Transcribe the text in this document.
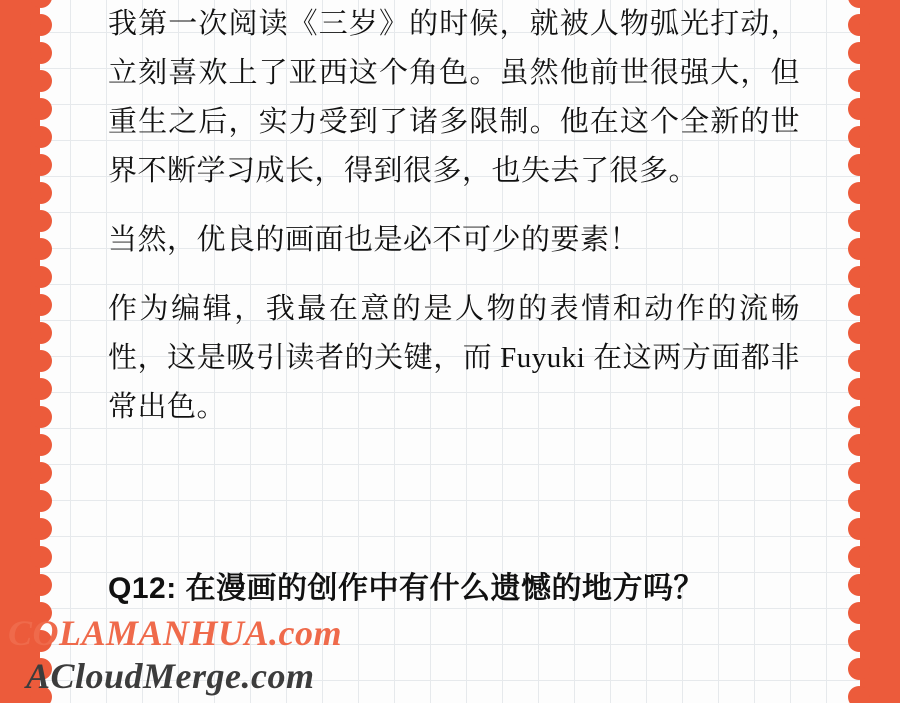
我第一次阅读《三岁》的时候，就被人物弧光打动，立刻喜欢上了亚西这个角色。虽然他前世很强大，但重生之后，实力受到了诸多限制。他在这个全新的世界不断学习成长，得到很多，也失去了很多。

当然，优良的画面也是必不可少的要素！

作为编辑，我最在意的是人物的表情和动作的流畅性，这是吸引读者的关键，而 Fuyuki 在这两方面都非常出色。

Q12: 在漫画的创作中有什么遗憾的地方吗？
COLAMANHUA.com
ACloudMerge.com
